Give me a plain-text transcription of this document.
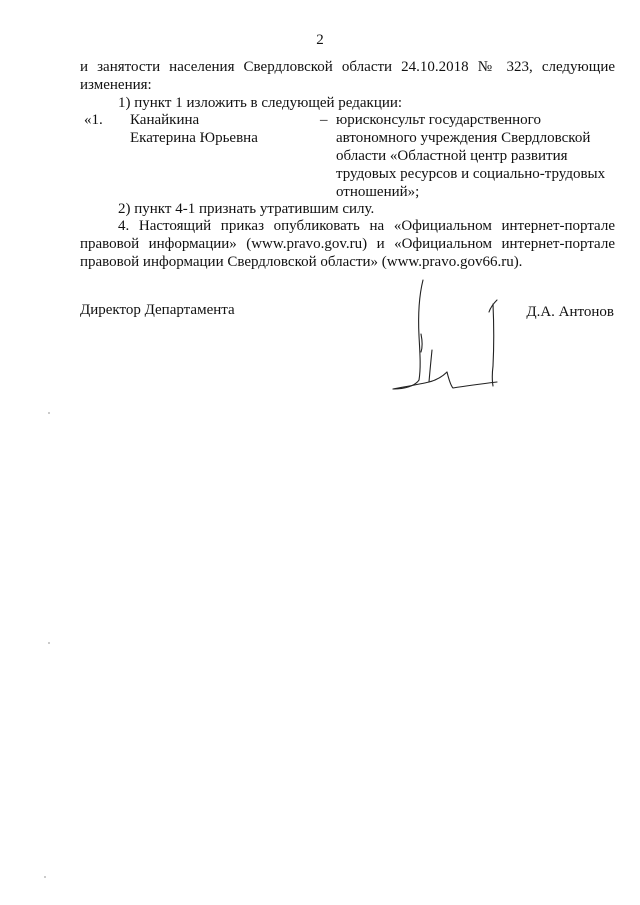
2
и занятости населения Свердловской области 24.10.2018 № 323, следующие
изменения:
1) пункт 1 изложить в следующей редакции:
«1. Канайкина
Екатерина Юрьевна
– юрисконсульт государственного
автономного учреждения Свердловской
области «Областной центр развития
трудовых ресурсов и социально-трудовых
отношений»;
2) пункт 4-1 признать утратившим силу.
4. Настоящий приказ опубликовать на «Официальном интернет-портале правовой информации» (www.pravo.gov.ru) и «Официальном интернет-портале правовой информации Свердловской области» (www.pravo.gov66.ru).
Директор Департамента	Д.А. Антонов
